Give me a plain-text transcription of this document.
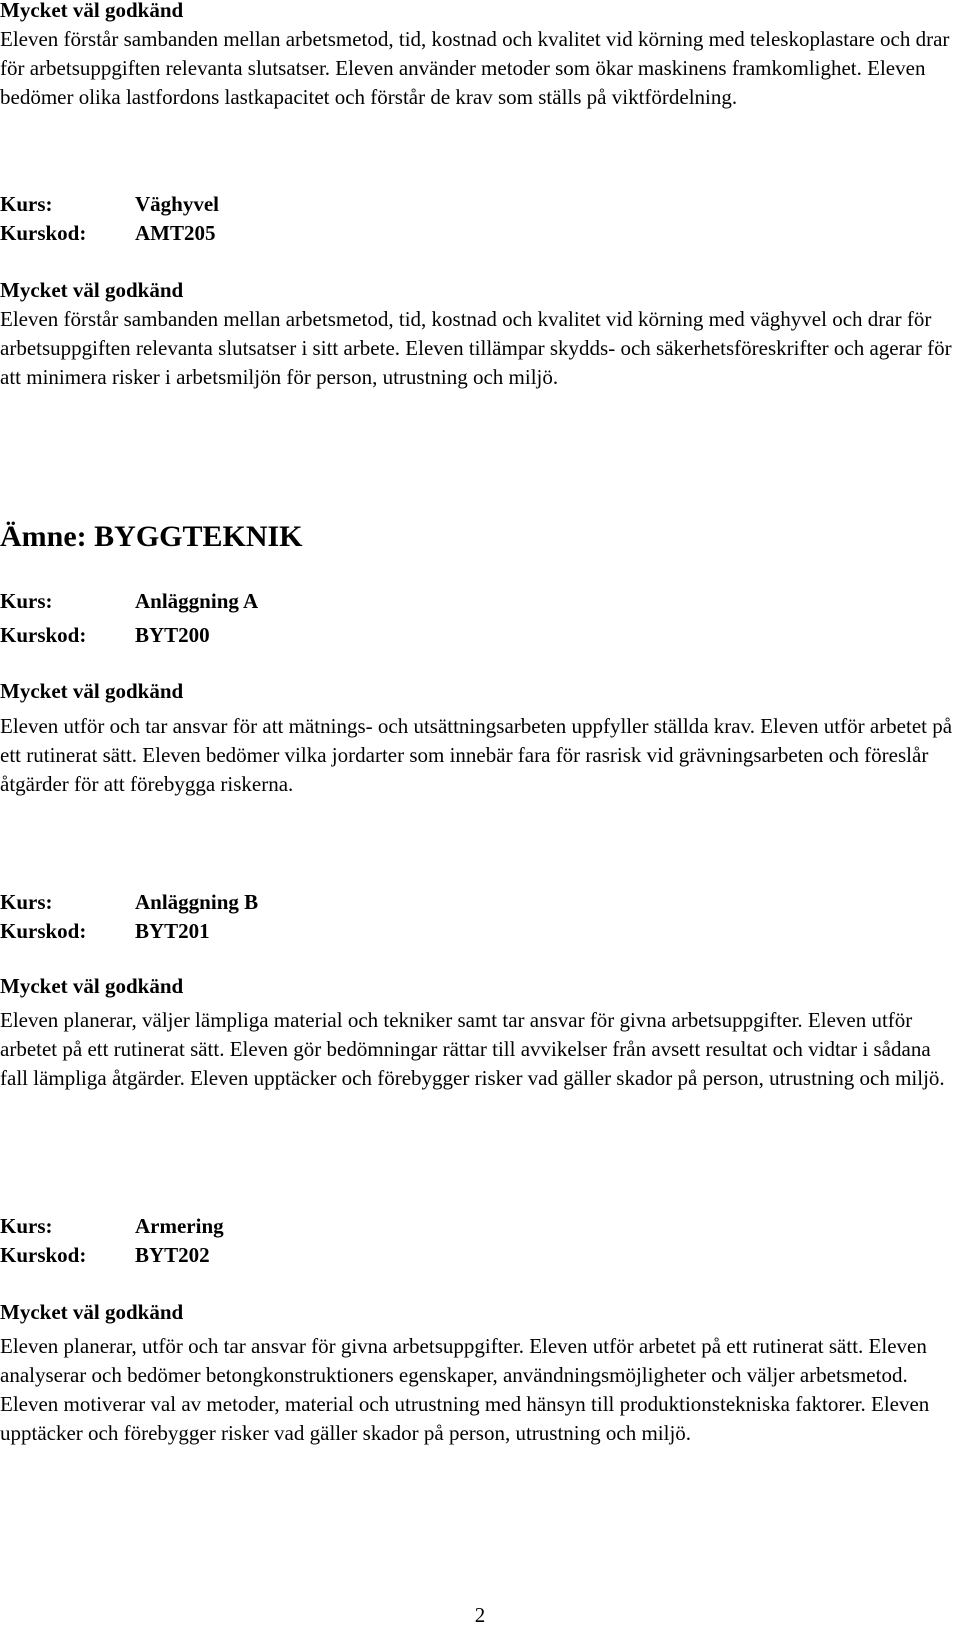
Mycket väl godkänd

Eleven förstår sambanden mellan arbetsmetod, tid, kostnad och kvalitet vid körning med teleskoplastare och drar för arbetsuppgiften relevanta slutsatser. Eleven använder metoder som ökar maskinens framkomlighet. Eleven bedömer olika lastfordons lastkapacitet och förstår de krav som ställs på viktfördelning.

Kurs:	Väghyvel
Kurskod:	AMT205

Mycket väl godkänd

Eleven förstår sambanden mellan arbetsmetod, tid, kostnad och kvalitet vid körning med väghyvel och drar för arbetsuppgiften relevanta slutsatser i sitt arbete. Eleven tillämpar skydds- och säkerhetsföreskrifter och agerar för att minimera risker i arbetsmiljön för person, utrustning och miljö.

Ämne: BYGGTEKNIK
Kurs:	Anläggning A
Kurskod:	BYT200

Mycket väl godkänd

Eleven utför och tar ansvar för att mätnings- och utsättningsarbeten uppfyller ställda krav. Eleven utför arbetet på ett rutinerat sätt. Eleven bedömer vilka jordarter som innebär fara för rasrisk vid grävningsarbeten och föreslår åtgärder för att förebygga riskerna.

Kurs:	Anläggning B
Kurskod:	BYT201

Mycket väl godkänd

Eleven planerar, väljer lämpliga material och tekniker samt tar ansvar för givna arbetsuppgifter. Eleven utför arbetet på ett rutinerat sätt. Eleven gör bedömningar rättar till avvikelser från avsett resultat och vidtar i sådana fall lämpliga åtgärder. Eleven upptäcker och förebygger risker vad gäller skador på person, utrustning och miljö.

Kurs:	Armering
Kurskod:	BYT202

Mycket väl godkänd

Eleven planerar, utför och tar ansvar för givna arbetsuppgifter. Eleven utför arbetet på ett rutinerat sätt. Eleven analyserar och bedömer betongkonstruktioners egenskaper, användningsmöjligheter och väljer arbetsmetod. Eleven motiverar val av metoder, material och utrustning med hänsyn till produktionstekniska faktorer. Eleven upptäcker och förebygger risker vad gäller skador på person, utrustning och miljö.

2
